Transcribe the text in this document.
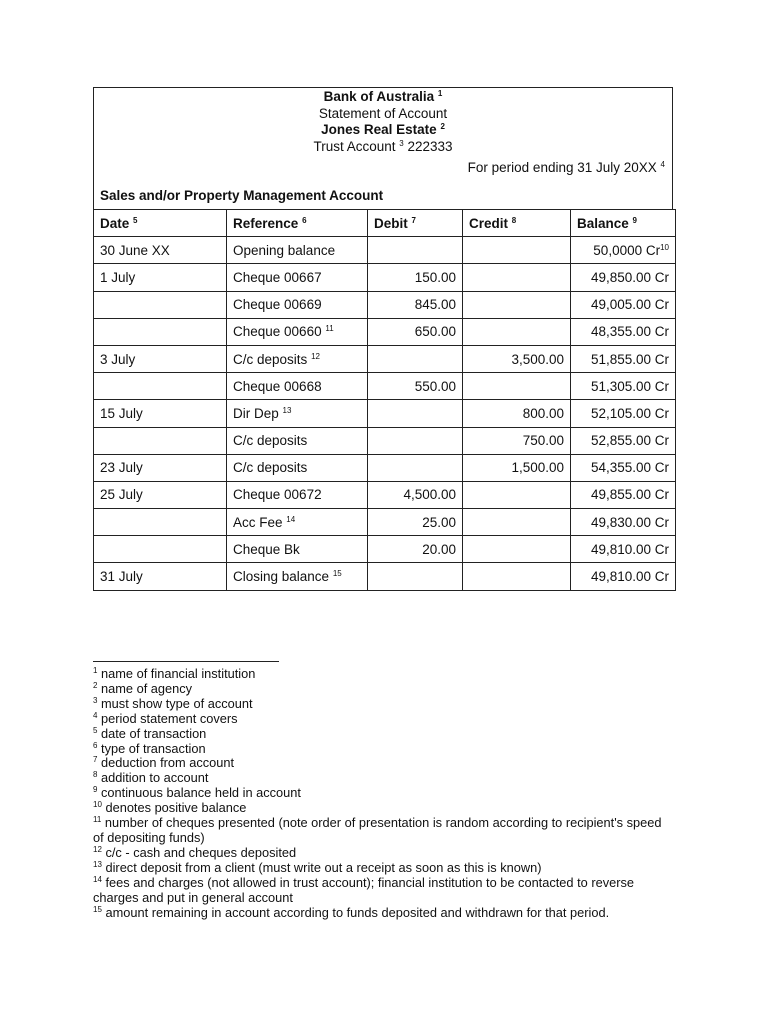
Bank of Australia $^1$
Statement of Account
Jones Real Estate $^2$
Trust Account $^3$ 222333
For period ending 31 July 20XX $^4$
Sales and/or Property Management Account
Date $^5$	Reference $^6$	Debit $^7$	Credit $^8$	Balance $^9$
30 June XX	Opening balance			50,0000 Cr$^{10}$
1 July	Cheque 00667	150.00		49,850.00 Cr
	Cheque 00669	845.00		49,005.00 Cr
	Cheque 00660 $^{11}$	650.00		48,355.00 Cr
3 July	C/c deposits $^{12}$		3,500.00	51,855.00 Cr
	Cheque 00668	550.00		51,305.00 Cr
15 July	Dir Dep $^{13}$		800.00	52,105.00 Cr
	C/c deposits		750.00	52,855.00 Cr
23 July	C/c deposits		1,500.00	54,355.00 Cr
25 July	Cheque 00672	4,500.00		49,855.00 Cr
	Acc Fee $^{14}$	25.00		49,830.00 Cr
	Cheque Bk	20.00		49,810.00 Cr
31 July	Closing balance $^{15}$			49,810.00 Cr

$^1$ name of financial institution

$^2$ name of agency

$^3$ must show type of account

$^4$ period statement covers

$^5$ date of transaction

$^6$ type of transaction

$^7$ deduction from account

$^8$ addition to account

$^9$ continuous balance held in account

$^{10}$ denotes positive balance

$^{11}$ number of cheques presented (note order of presentation is random according to recipient's speed of depositing funds)

$^{12}$ c/c - cash and cheques deposited

$^{13}$ direct deposit from a client (must write out a receipt as soon as this is known)

$^{14}$ fees and charges (not allowed in trust account); financial institution to be contacted to reverse charges and put in general account

$^{15}$ amount remaining in account according to funds deposited and withdrawn for that period.
